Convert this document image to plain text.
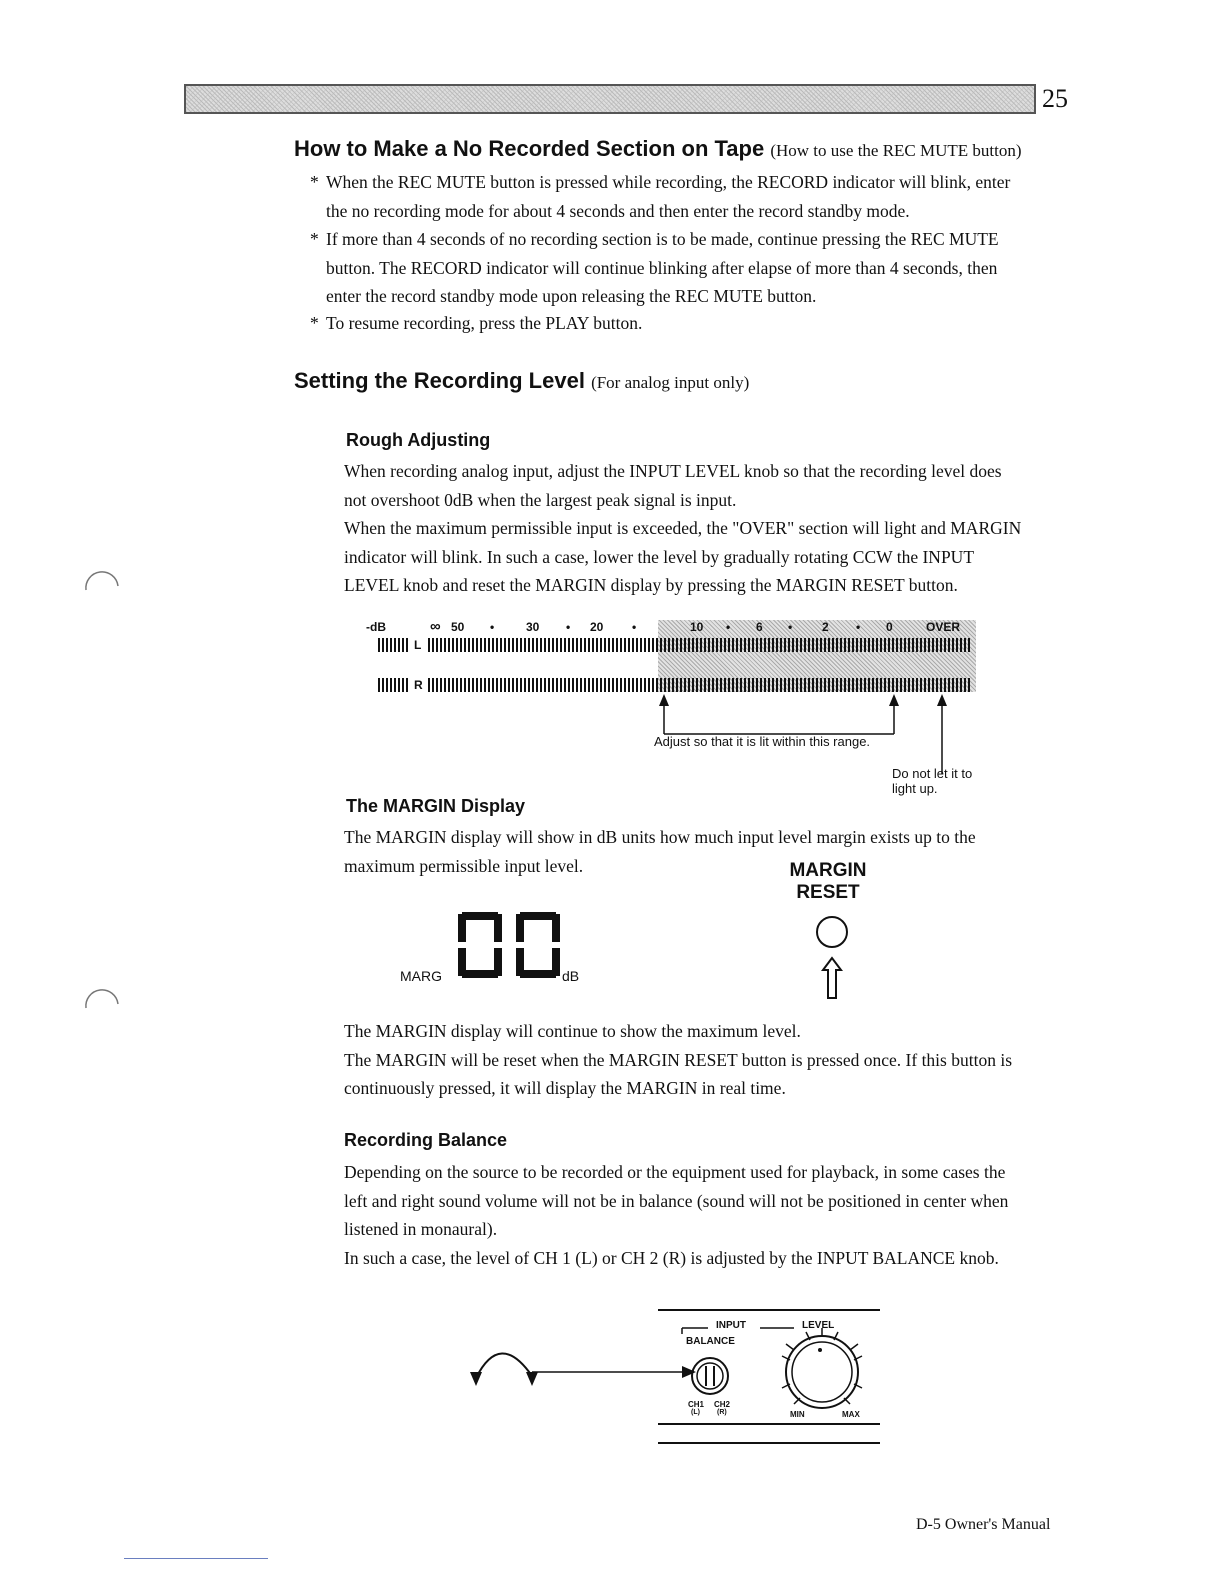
25
How to Make a No Recorded Section on Tape (How to use the REC MUTE button)
* When the REC MUTE button is pressed while recording, the RECORD indicator will blink, enter
the no recording mode for about 4 seconds and then enter the record standby mode.
* If more than 4 seconds of no recording section is to be made, continue pressing the REC MUTE
button. The RECORD indicator will continue blinking after elapse of more than 4 seconds, then
enter the record standby mode upon releasing the REC MUTE button.
* To resume recording, press the PLAY button.
Setting the Recording Level (For analog input only)
Rough Adjusting
When recording analog input, adjust the INPUT LEVEL knob so that the recording level does
not overshoot 0dB when the largest peak signal is input.
When the maximum permissible input is exceeded, the "OVER" section will light and MARGIN
indicator will blink. In such a case, lower the level by gradually rotating CCW the INPUT
LEVEL knob and reset the MARGIN display by pressing the MARGIN RESET button.
-dB	∞ 50 •	30 • 20 •	10 • 6 • 2 • 0	OVER
L
R
Adjust so that it is lit within this range.
Do not let it to light up.
The MARGIN Display
The MARGIN display will show in dB units how much input level margin exists up to the
maximum permissible input level.
MARG	dB
MARGIN
RESET
The MARGIN display will continue to show the maximum level.
The MARGIN will be reset when the MARGIN RESET button is pressed once. If this button is
continuously pressed, it will display the MARGIN in real time.
Recording Balance
Depending on the source to be recorded or the equipment used for playback, in some cases the
left and right sound volume will not be in balance (sound will not be positioned in center when
listened in monaural).
In such a case, the level of CH 1 (L) or CH 2 (R) is adjusted by the INPUT BALANCE knob.
INPUT	LEVEL
BALANCE
CH1
(L)
CH2
(R)	MIN	MAX
D-5 Owner's Manual
